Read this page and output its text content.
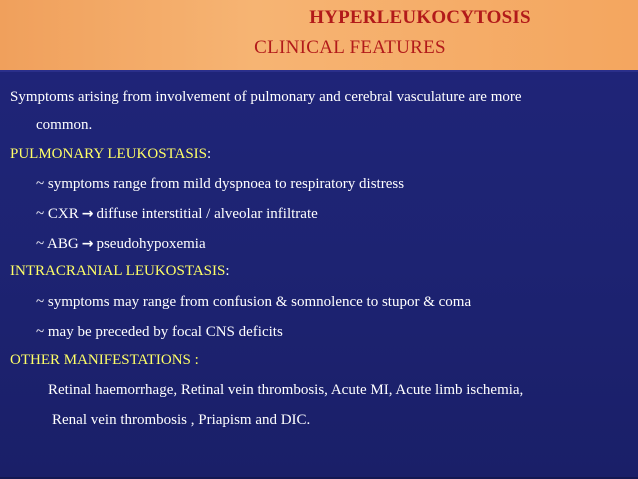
HYPERLEUKOCYTOSIS
CLINICAL FEATURES
Symptoms arising from involvement of pulmonary and cerebral vasculature are more
common.
PULMONARY LEUKOSTASIS:
~ symptoms range from mild dyspnoea to respiratory distress
~ CXR → diffuse interstitial / alveolar infiltrate
~ ABG → pseudohypoxemia
INTRACRANIAL LEUKOSTASIS:
~ symptoms may range from confusion & somnolence to stupor & coma
~ may be preceded by focal CNS deficits
OTHER MANIFESTATIONS :
Retinal haemorrhage, Retinal vein thrombosis, Acute MI, Acute limb ischemia,
Renal vein thrombosis , Priapism and DIC.
